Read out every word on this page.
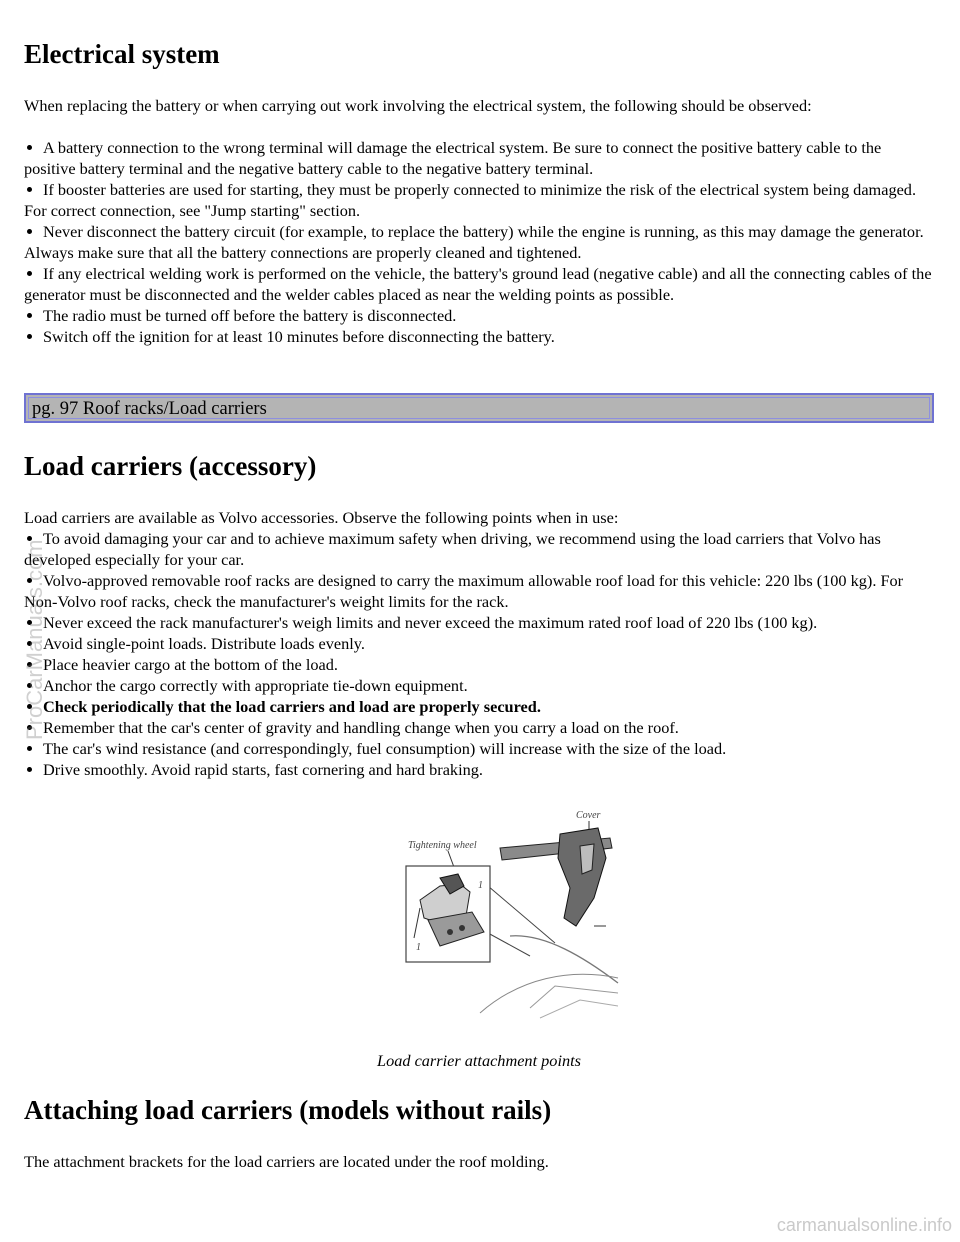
Electrical system

When replacing the battery or when carrying out work involving the electrical system, the following should be observed:

A battery connection to the wrong terminal will damage the electrical system. Be sure to connect the positive battery cable to the positive battery terminal and the negative battery cable to the negative battery terminal.
If booster batteries are used for starting, they must be properly connected to minimize the risk of the electrical system being damaged. For correct connection, see "Jump starting" section.
Never disconnect the battery circuit (for example, to replace the battery) while the engine is running, as this may damage the generator. Always make sure that all the battery connections are properly cleaned and tightened.
If any electrical welding work is performed on the vehicle, the battery's ground lead (negative cable) and all the connecting cables of the generator must be disconnected and the welder cables placed as near the welding points as possible.
The radio must be turned off before the battery is disconnected.
Switch off the ignition for at least 10 minutes before disconnecting the battery.
pg. 97 Roof racks/Load carriers
Load carriers (accessory)

Load carriers are available as Volvo accessories. Observe the following points when in use:

To avoid damaging your car and to achieve maximum safety when driving, we recommend using the load carriers that Volvo has developed especially for your car.
Volvo-approved removable roof racks are designed to carry the maximum allowable roof load for this vehicle: 220 lbs (100 kg). For Non-Volvo roof racks, check the manufacturer's weight limits for the rack.
Never exceed the rack manufacturer's weigh limits and never exceed the maximum rated roof load of 220 lbs (100 kg).
Avoid single-point loads. Distribute loads evenly.
Place heavier cargo at the bottom of the load.
Anchor the cargo correctly with appropriate tie-down equipment.
Check periodically that the load carriers and load are properly secured.
Remember that the car's center of gravity and handling change when you carry a load on the roof.
The car's wind resistance (and correspondingly, fuel consumption) will increase with the size of the load.
Drive smoothly. Avoid rapid starts, fast cornering and hard braking.
Cover
Tightening wheel
1
1
Load carrier attachment points
Attaching load carriers (models without rails)

The attachment brackets for the load carriers are located under the roof molding.

ProCarManuals.com
carmanualsonline.info
